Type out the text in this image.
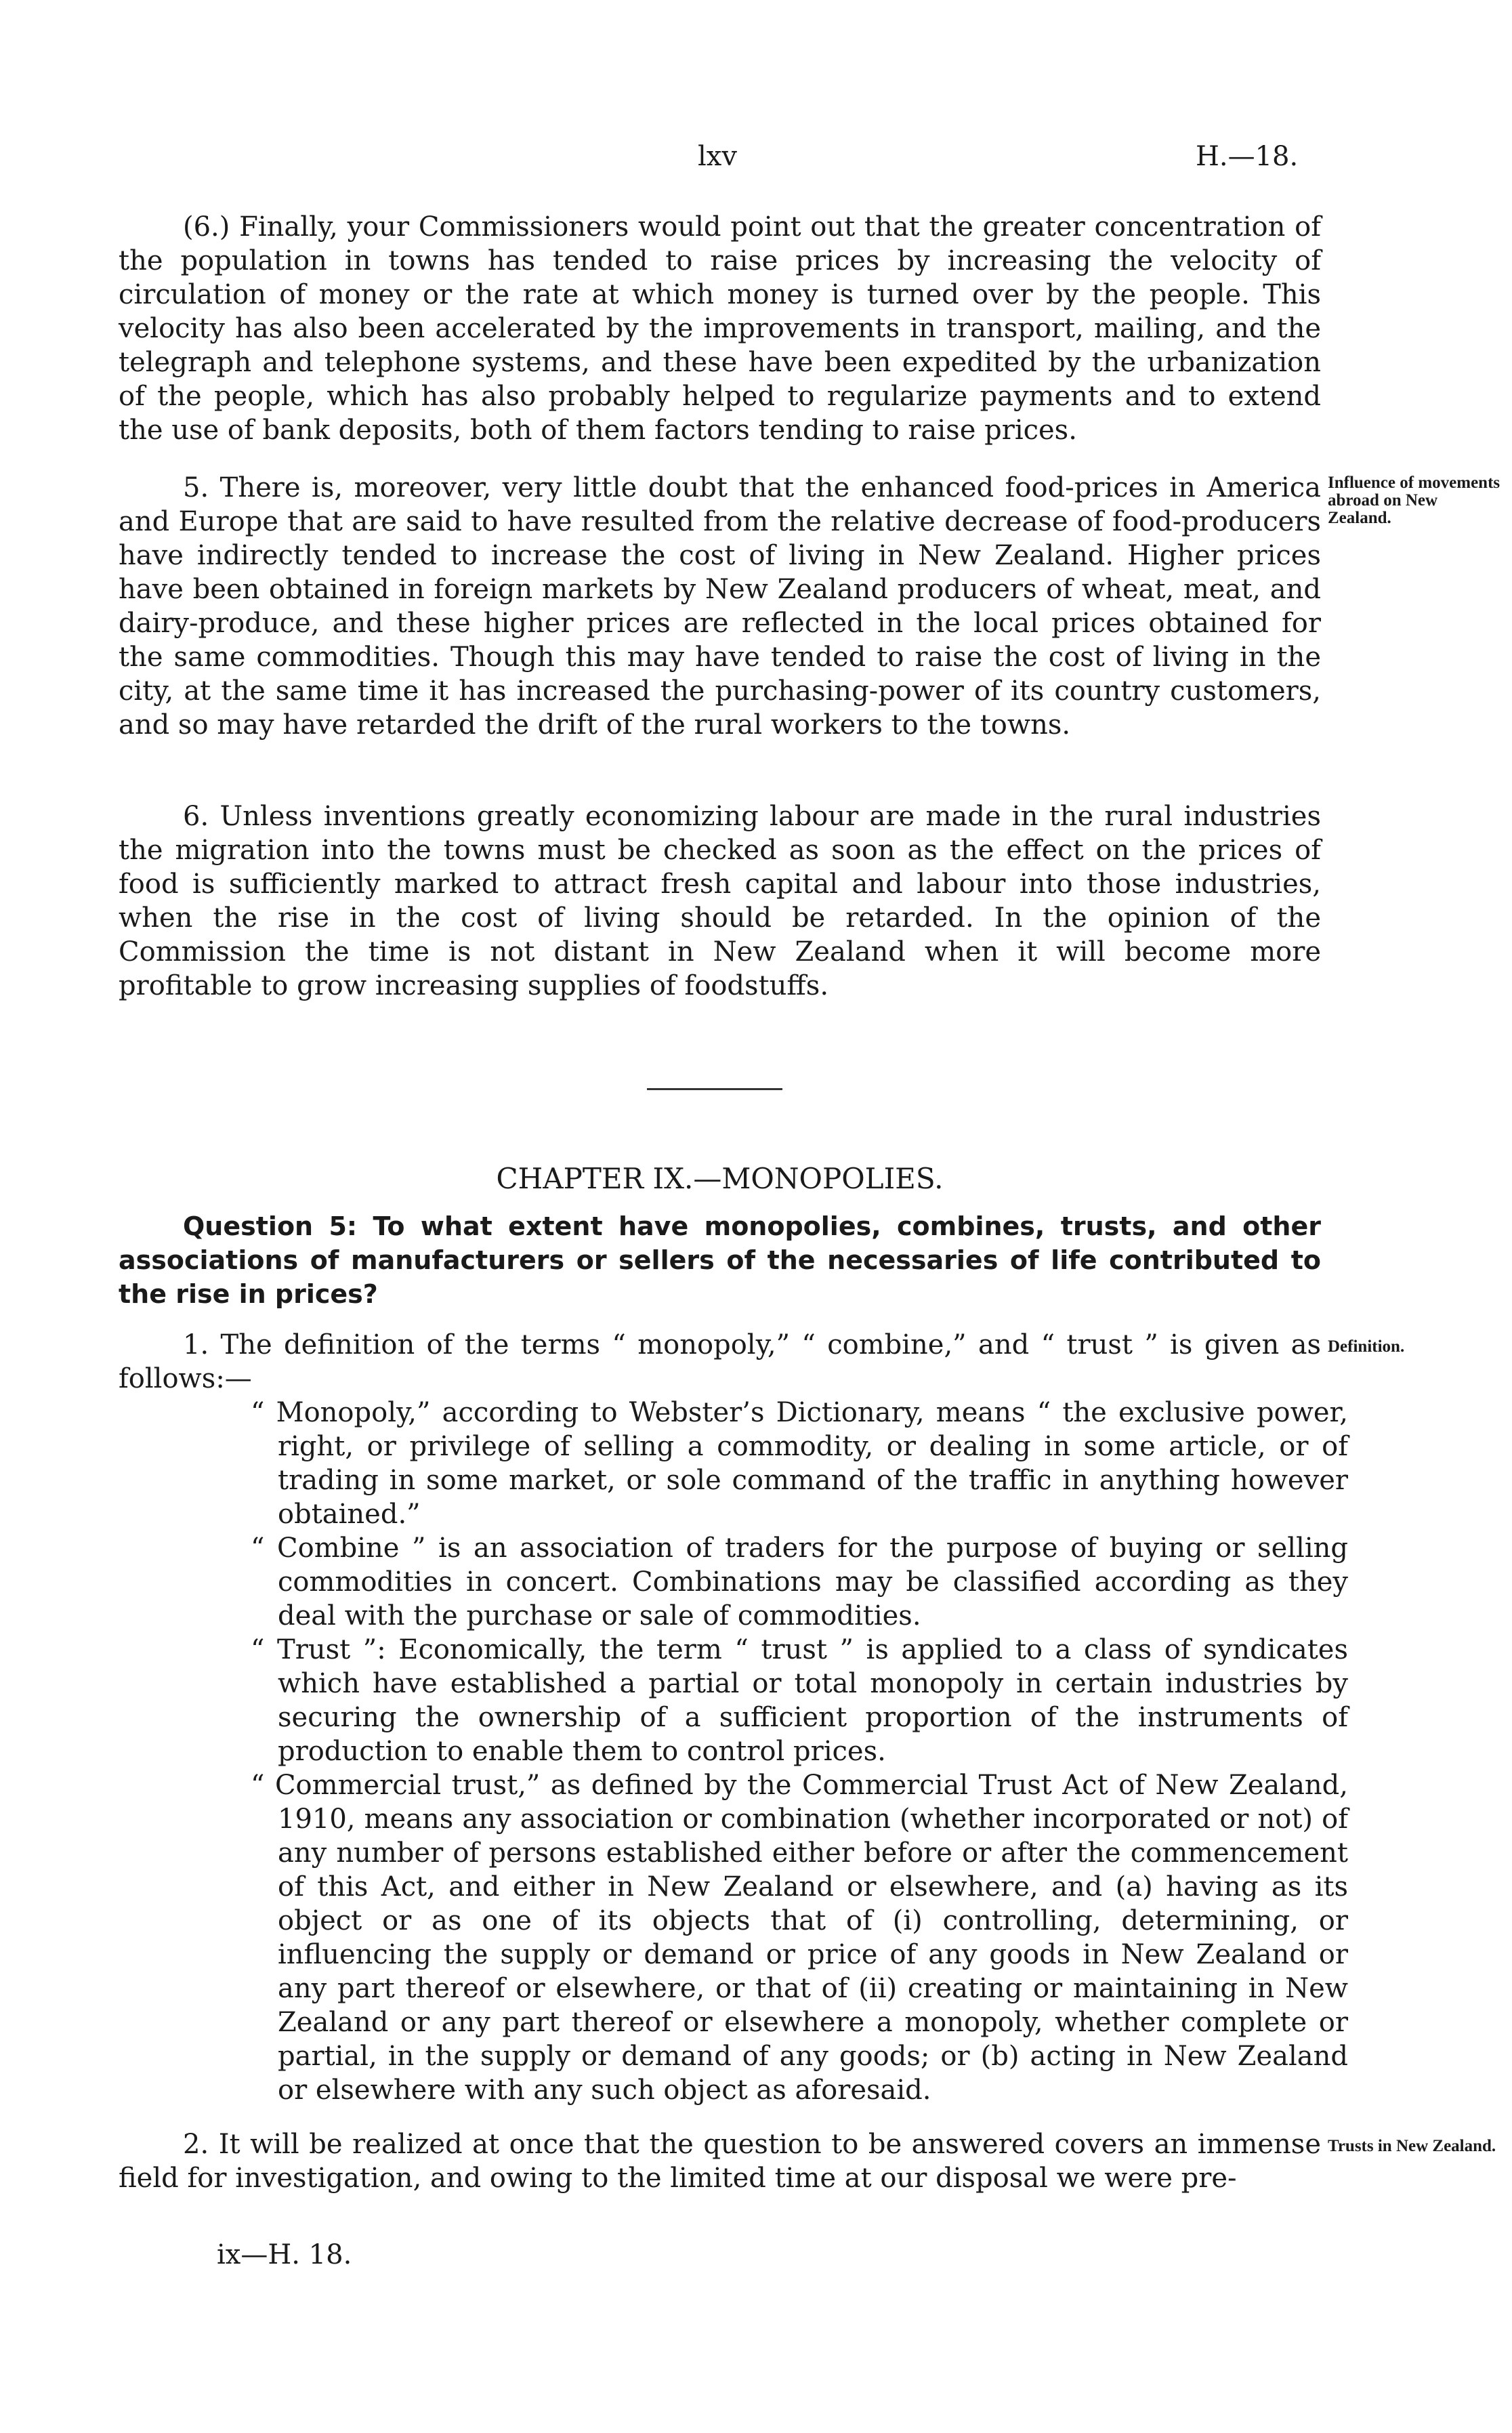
lxv	H.—18.

(6.) Finally, your Commissioners would point out that the greater concentration of the population in towns has tended to raise prices by increasing the velocity of circulation of money or the rate at which money is turned over by the people. This velocity has also been accelerated by the improvements in transport, mailing, and the telegraph and telephone systems, and these have been expedited by the urbanization of the people, which has also probably helped to regularize payments and to extend the use of bank deposits, both of them factors tending to raise prices.

5. There is, moreover, very little doubt that the enhanced food-prices in America and Europe that are said to have resulted from the relative decrease of food-producers have indirectly tended to increase the cost of living in New Zealand. Higher prices have been obtained in foreign markets by New Zealand producers of wheat, meat, and dairy-produce, and these higher prices are reflected in the local prices obtained for the same commodities. Though this may have tended to raise the cost of living in the city, at the same time it has increased the purchasing-power of its country customers, and so may have retarded the drift of the rural workers to the towns.

Influence of movements abroad on New Zealand.

6. Unless inventions greatly economizing labour are made in the rural industries the migration into the towns must be checked as soon as the effect on the prices of food is sufficiently marked to attract fresh capital and labour into those industries, when the rise in the cost of living should be retarded. In the opinion of the Commission the time is not distant in New Zealand when it will become more profitable to grow increasing supplies of foodstuffs.

CHAPTER IX.—MONOPOLIES.
Question 5: To what extent have monopolies, combines, trusts, and other associations of manufacturers or sellers of the necessaries of life contributed to the rise in prices?

1. The definition of the terms “ monopoly,” “ combine,” and “ trust ” is given as follows:—

Definition.
“ Monopoly,” according to Webster’s Dictionary, means “ the exclusive power, right, or privilege of selling a commodity, or dealing in some article, or of trading in some market, or sole command of the traffic in anything however obtained.”
“ Combine ” is an association of traders for the purpose of buying or selling commodities in concert. Combinations may be classified according as they deal with the purchase or sale of commodities.
“ Trust ”: Economically, the term “ trust ” is applied to a class of syndicates which have established a partial or total monopoly in certain industries by securing the ownership of a sufficient proportion of the instruments of production to enable them to control prices.
“ Commercial trust,” as defined by the Commercial Trust Act of New Zealand, 1910, means any association or combination (whether incorporated or not) of any number of persons established either before or after the commencement of this Act, and either in New Zealand or elsewhere, and (a) having as its object or as one of its objects that of (i) controlling, determining, or influencing the supply or demand or price of any goods in New Zealand or any part thereof or elsewhere, or that of (ii) creating or maintaining in New Zealand or any part thereof or elsewhere a monopoly, whether complete or partial, in the supply or demand of any goods; or (b) acting in New Zealand or elsewhere with any such object as aforesaid.

2. It will be realized at once that the question to be answered covers an immense field for investigation, and owing to the limited time at our disposal we were pre-

Trusts in New Zealand.
ix—H. 18.
